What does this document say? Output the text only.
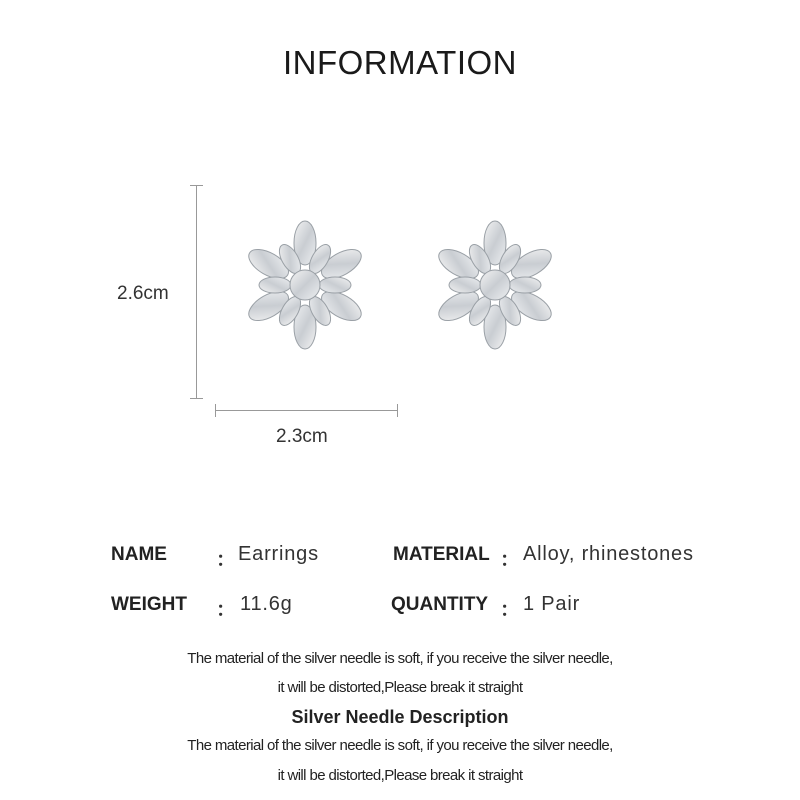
INFORMATION
2.6cm
2.3cm
NAME ： Earrings	MATERIAL ： Alloy, rhinestones
WEIGHT ： 11.6g	QUANTITY ： 1 Pair
The material of the silver needle is soft, if you receive the silver needle,
it will be distorted,Please break it straight
Silver Needle Description
The material of the silver needle is soft, if you receive the silver needle,
it will be distorted,Please break it straight
